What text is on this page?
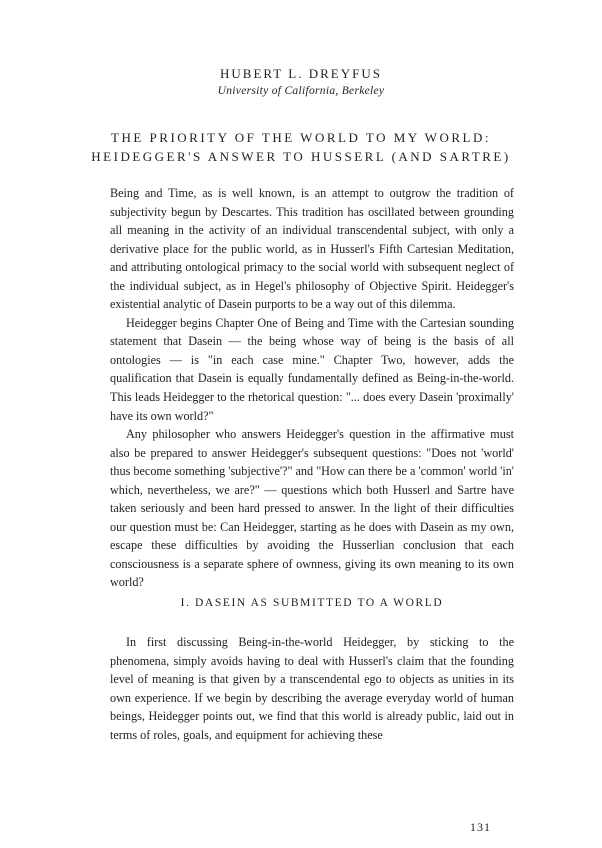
HUBERT L. DREYFUS
University of California, Berkeley
THE PRIORITY OF THE WORLD TO MY WORLD:
HEIDEGGER'S ANSWER TO HUSSERL (AND SARTRE)

Being and Time, as is well known, is an attempt to outgrow the tradition of subjectivity begun by Descartes. This tradition has oscillated between grounding all meaning in the activity of an individual transcendental subject, with only a derivative place for the public world, as in Husserl's Fifth Cartesian Meditation, and attributing ontological primacy to the social world with subsequent neglect of the individual subject, as in Hegel's philosophy of Objective Spirit. Heidegger's existential analytic of Dasein purports to be a way out of this dilemma.

Heidegger begins Chapter One of Being and Time with the Cartesian sounding statement that Dasein — the being whose way of being is the basis of all ontologies — is "in each case mine." Chapter Two, however, adds the qualification that Dasein is equally fundamentally defined as Being-in-the-world. This leads Heidegger to the rhetorical question: "... does every Dasein 'proximally' have its own world?"

Any philosopher who answers Heidegger's question in the affirmative must also be prepared to answer Heidegger's subsequent questions: "Does not 'world' thus become something 'subjective'?" and "How can there be a 'common' world 'in' which, nevertheless, we are?" — questions which both Husserl and Sartre have taken seriously and been hard pressed to answer. In the light of their difficulties our question must be: Can Heidegger, starting as he does with Dasein as my own, escape these difficulties by avoiding the Husserlian conclusion that each consciousness is a separate sphere of ownness, giving its own meaning to its own world?

I. DASEIN AS SUBMITTED TO A WORLD

In first discussing Being-in-the-world Heidegger, by sticking to the phenomena, simply avoids having to deal with Husserl's claim that the founding level of meaning is that given by a transcendental ego to objects as unities in its own experience. If we begin by describing the average everyday world of human beings, Heidegger points out, we find that this world is already public, laid out in terms of roles, goals, and equipment for achieving these

131
